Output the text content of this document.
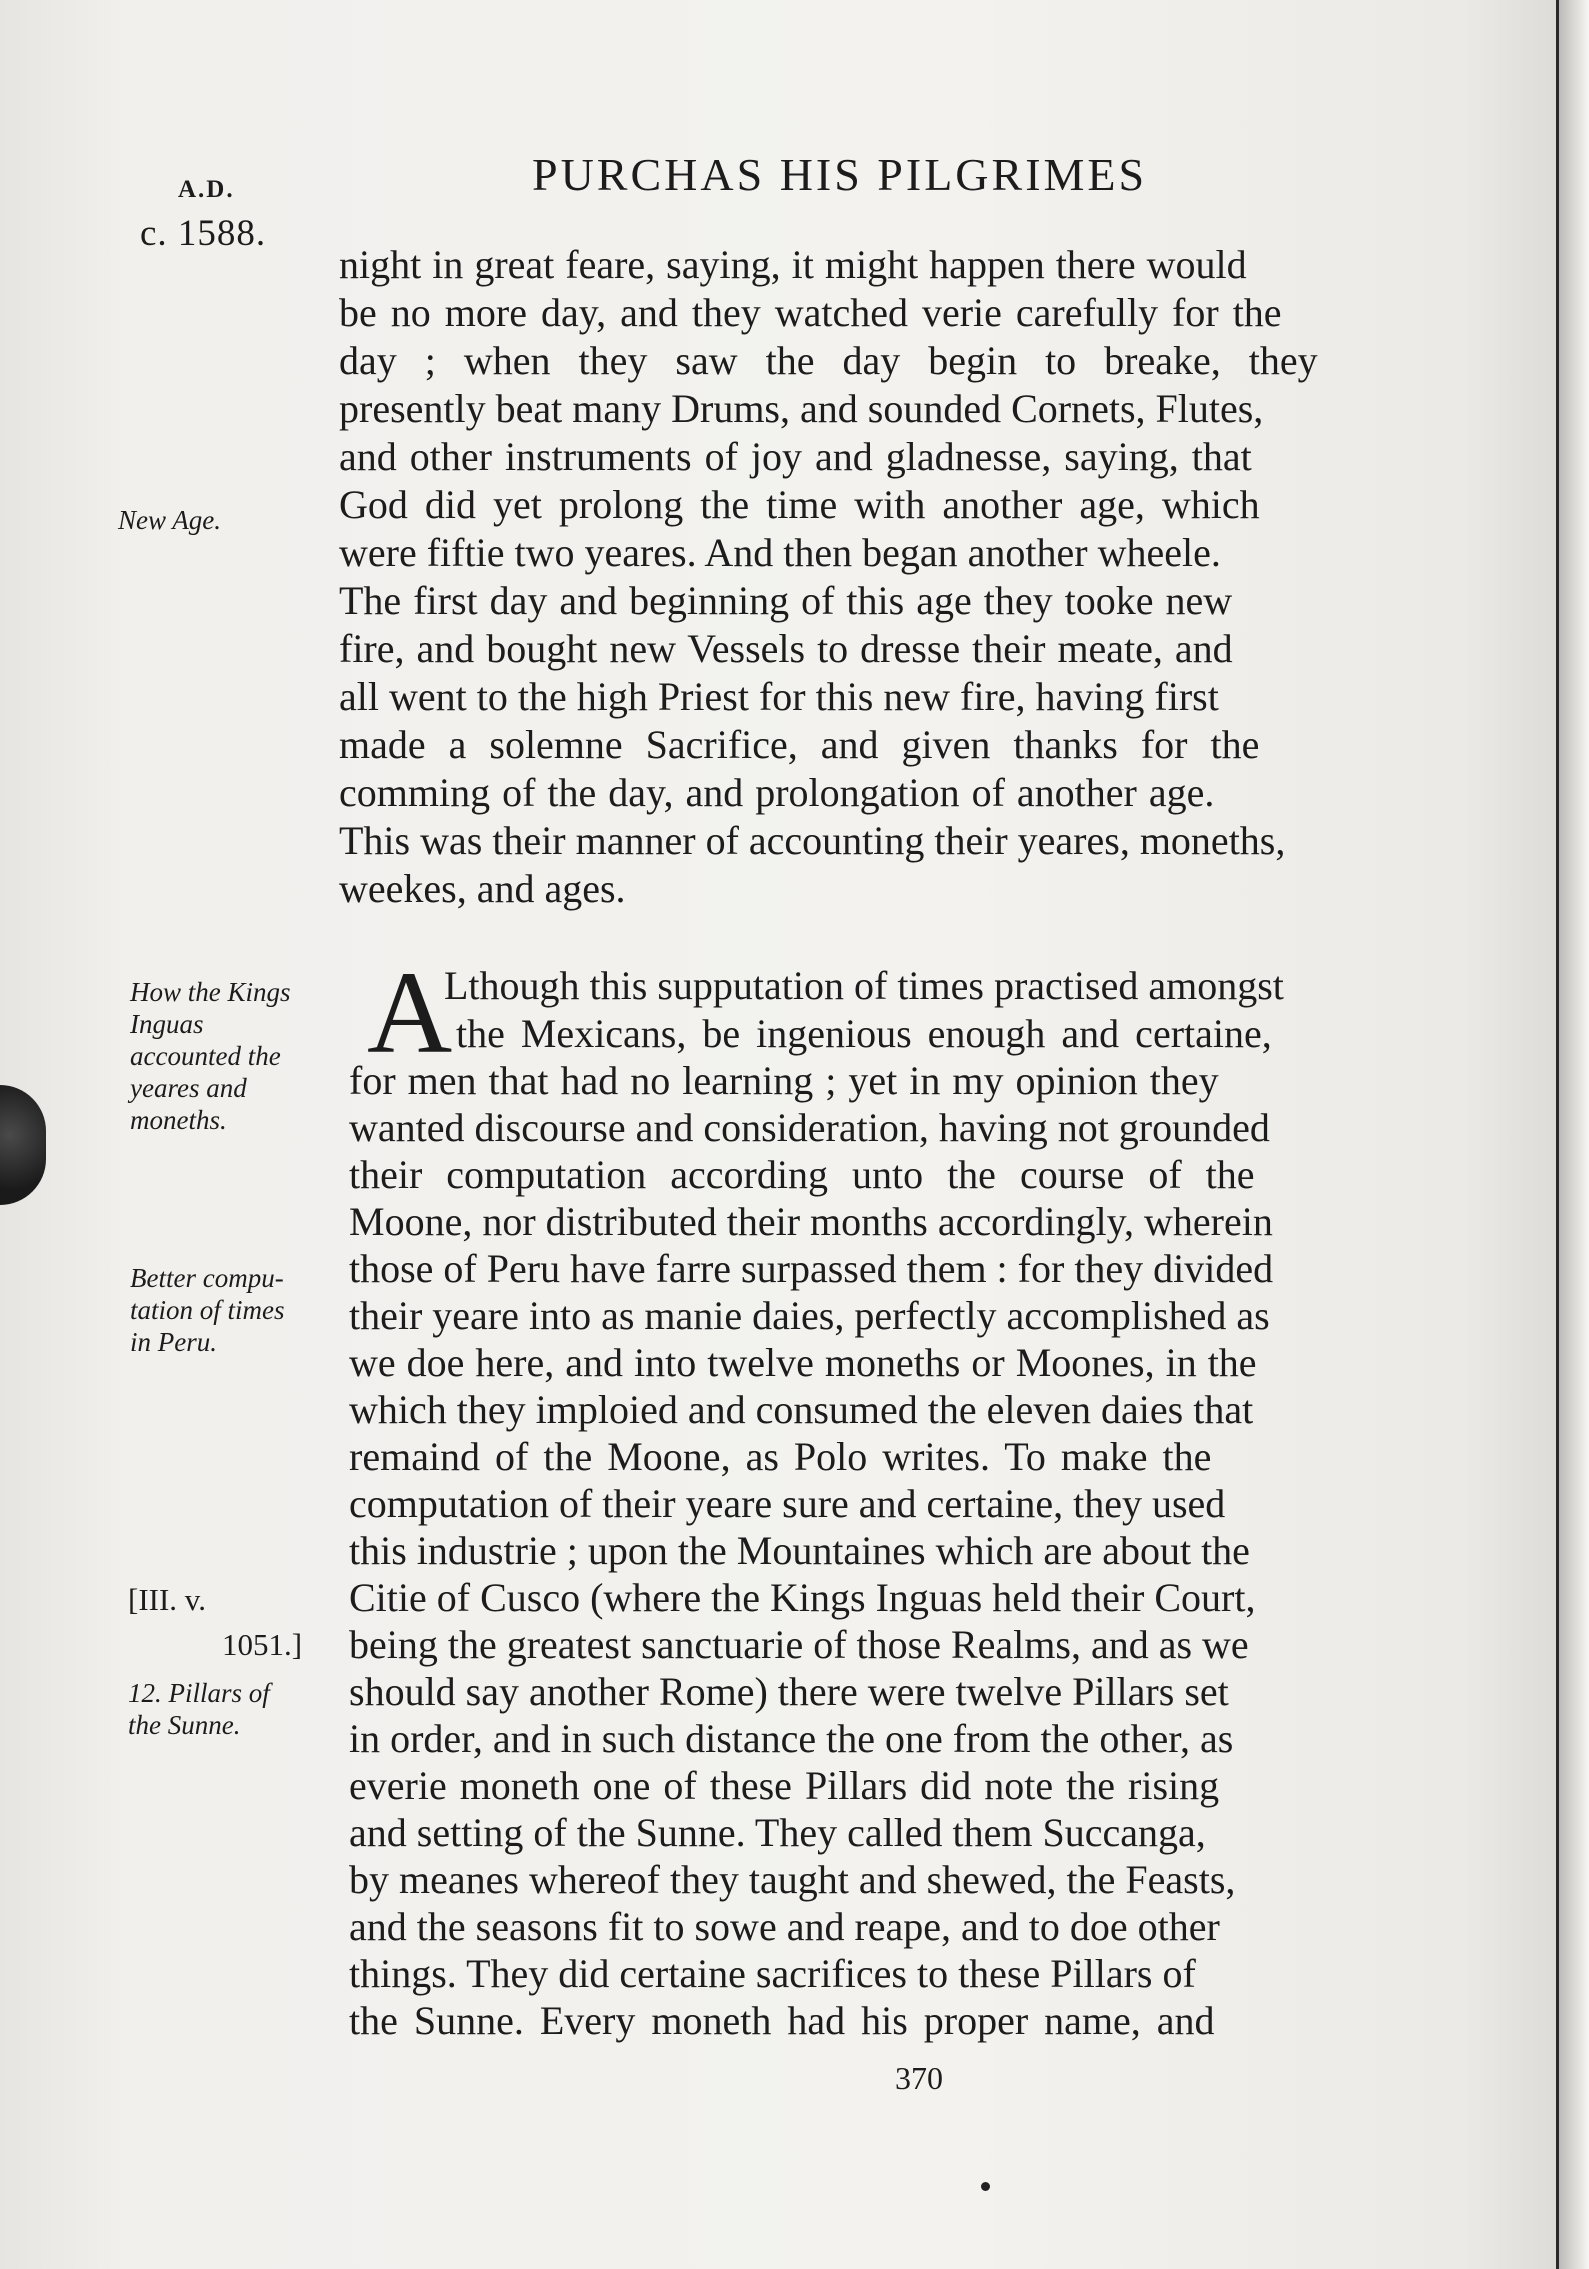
A.D.
c. 1588.
PURCHAS HIS PILGRIMES
night in great feare, saying, it might happen there would
be no more day, and they watched verie carefully for the
day ; when they saw the day begin to breake, they
presently beat many Drums, and sounded Cornets, Flutes,
and other instruments of joy and gladnesse, saying, that
God did yet prolong the time with another age, which
were fiftie two yeares. And then began another wheele.
The first day and beginning of this age they tooke new
fire, and bought new Vessels to dresse their meate, and
all went to the high Priest for this new fire, having first
made a solemne Sacrifice, and given thanks for the
comming of the day, and prolongation of another age.
This was their manner of accounting their yeares, moneths,
weekes, and ages.
New Age.
A
Lthough this supputation of times practised amongst
the Mexicans, be ingenious enough and certaine,
for men that had no learning ; yet in my opinion they
wanted discourse and consideration, having not grounded
their computation according unto the course of the
Moone, nor distributed their months accordingly, wherein
those of Peru have farre surpassed them : for they divided
their yeare into as manie daies, perfectly accomplished as
we doe here, and into twelve moneths or Moones, in the
which they imploied and consumed the eleven daies that
remaind of the Moone, as Polo writes. To make the
computation of their yeare sure and certaine, they used
this industrie ; upon the Mountaines which are about the
Citie of Cusco (where the Kings Inguas held their Court,
being the greatest sanctuarie of those Realms, and as we
should say another Rome) there were twelve Pillars set
in order, and in such distance the one from the other, as
everie moneth one of these Pillars did note the rising
and setting of the Sunne. They called them Succanga,
by meanes whereof they taught and shewed, the Feasts,
and the seasons fit to sowe and reape, and to doe other
things. They did certaine sacrifices to these Pillars of
the Sunne. Every moneth had his proper name, and
How the Kings
Inguas
accounted the
yeares and
moneths.
Better compu-
tation of times
in Peru.
[III. v.
1051.]
12. Pillars of
the Sunne.
370
